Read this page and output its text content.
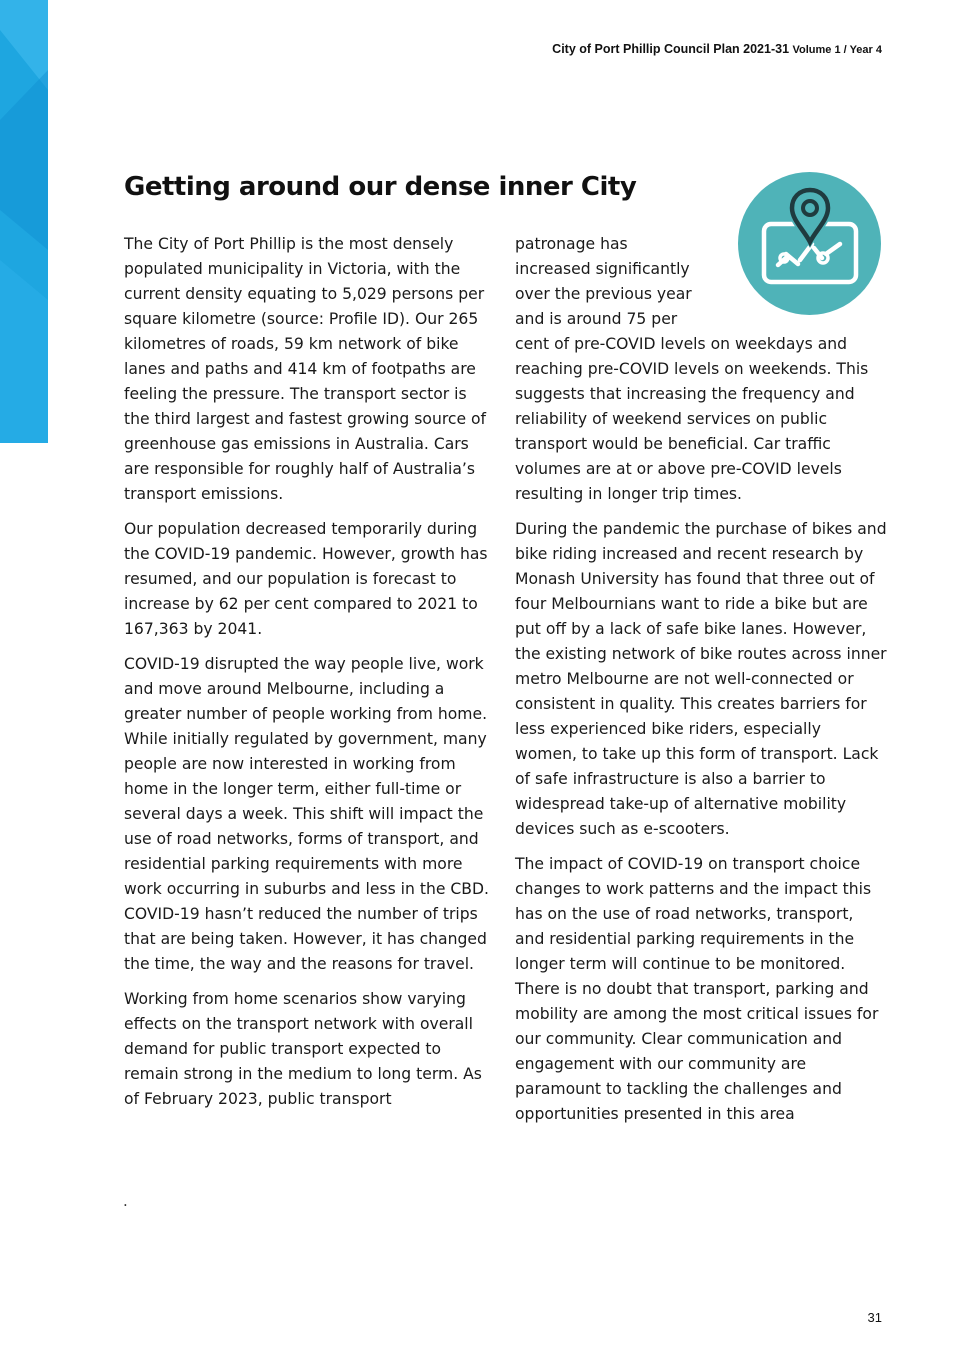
City of Port Phillip Council Plan 2021-31 Volume 1 / Year 4
Getting around our dense inner City

The City of Port Phillip is the most densely populated municipality in Victoria, with the current density equating to 5,029 persons per square kilometre (source: Profile ID). Our 265 kilometres of roads, 59 km network of bike lanes and paths and 414 km of footpaths are feeling the pressure. The transport sector is the third largest and fastest growing source of greenhouse gas emissions in Australia. Cars are responsible for roughly half of Australia’s transport emissions.

Our population decreased temporarily during the COVID-19 pandemic. However, growth has resumed, and our population is forecast to increase by 62 per cent compared to 2021 to 167,363 by 2041.

COVID-19 disrupted the way people live, work and move around Melbourne, including a greater number of people working from home. While initially regulated by government, many people are now interested in working from home in the longer term, either full-time or several days a week. This shift will impact the use of road networks, forms of transport, and residential parking requirements with more work occurring in suburbs and less in the CBD. COVID-19 hasn’t reduced the number of trips that are being taken. However, it has changed the time, the way and the reasons for travel.

Working from home scenarios show varying effects on the transport network with overall demand for public transport expected to remain strong in the medium to long term. As of February 2023, public transport

.

patronage has
increased significantly
over the previous year
and is around 75 per
cent of pre-COVID levels on weekdays and reaching pre-COVID levels on weekends. This suggests that increasing the frequency and reliability of weekend services on public transport would be beneficial. Car traffic volumes are at or above pre-COVID levels resulting in longer trip times.

During the pandemic the purchase of bikes and bike riding increased and recent research by Monash University has found that three out of four Melbournians want to ride a bike but are put off by a lack of safe bike lanes. However, the existing network of bike routes across inner metro Melbourne are not well-connected or consistent in quality. This creates barriers for less experienced bike riders, especially women, to take up this form of transport. Lack of safe infrastructure is also a barrier to widespread take-up of alternative mobility devices such as e-scooters.

The impact of COVID-19 on transport choice changes to work patterns and the impact this has on the use of road networks, transport, and residential parking requirements in the longer term will continue to be monitored. There is no doubt that transport, parking and mobility are among the most critical issues for our community. Clear communication and engagement with our community are paramount to tackling the challenges and opportunities presented in this area

31
